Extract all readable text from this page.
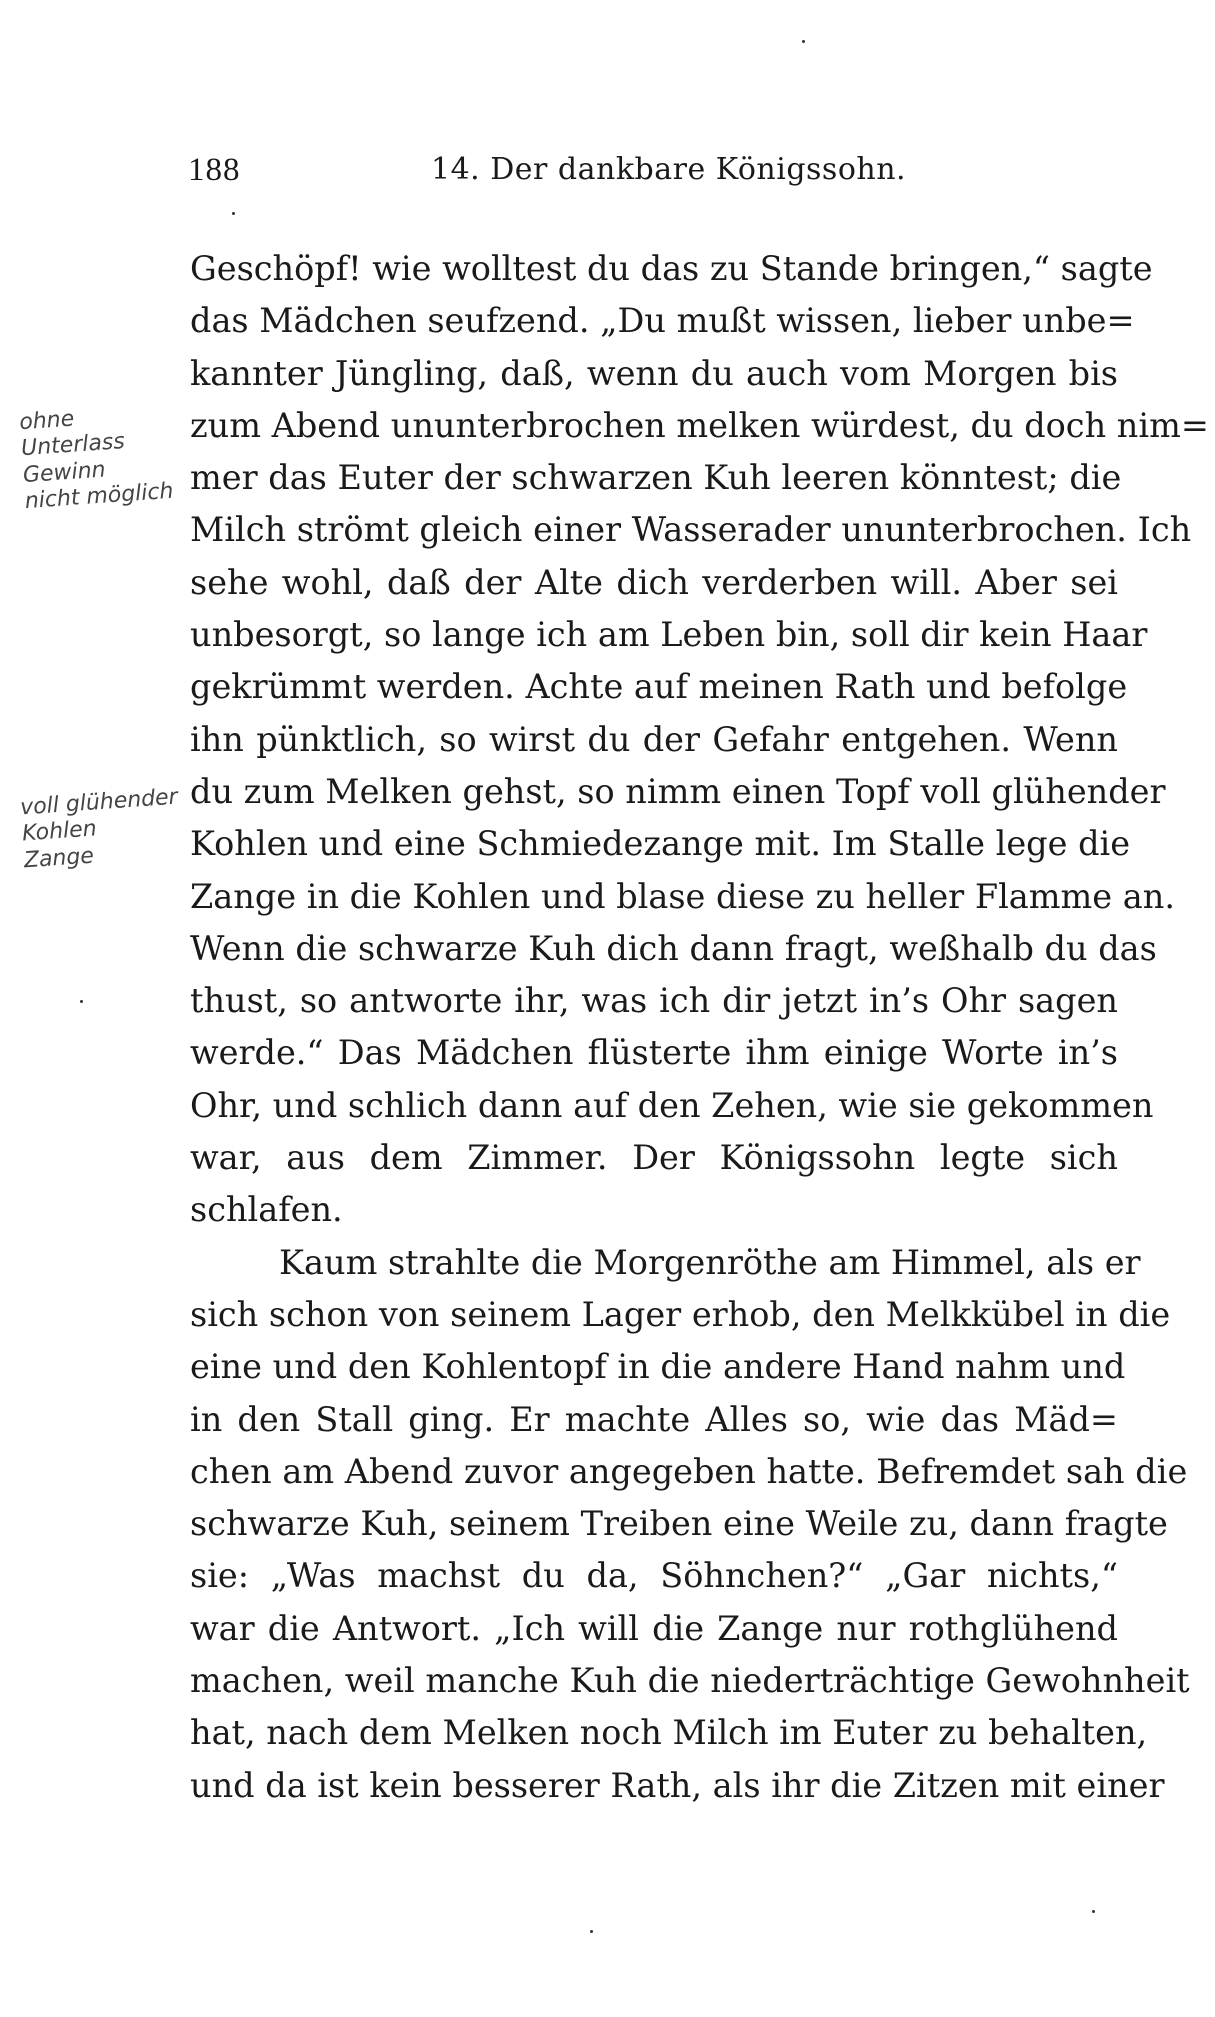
188	14. Der dankbare Königssohn.
Geschöpf! wie wolltest du das zu Stande bringen,“ sagte
das Mädchen seufzend. „Du mußt wissen, lieber unbe=
kannter Jüngling, daß, wenn du auch vom Morgen bis
zum Abend ununterbrochen melken würdest, du doch nim=
mer das Euter der schwarzen Kuh leeren könntest; die
Milch strömt gleich einer Wasserader ununterbrochen. Ich
sehe wohl, daß der Alte dich verderben will. Aber sei
unbesorgt, so lange ich am Leben bin, soll dir kein Haar
gekrümmt werden. Achte auf meinen Rath und befolge
ihn pünktlich, so wirst du der Gefahr entgehen. Wenn
du zum Melken gehst, so nimm einen Topf voll glühender
Kohlen und eine Schmiedezange mit. Im Stalle lege die
Zange in die Kohlen und blase diese zu heller Flamme an.
Wenn die schwarze Kuh dich dann fragt, weßhalb du das
thust, so antworte ihr, was ich dir jetzt in’s Ohr sagen
werde.“ Das Mädchen flüsterte ihm einige Worte in’s
Ohr, und schlich dann auf den Zehen, wie sie gekommen
war, aus dem Zimmer. Der Königssohn legte sich
schlafen.
Kaum strahlte die Morgenröthe am Himmel, als er
sich schon von seinem Lager erhob, den Melkkübel in die
eine und den Kohlentopf in die andere Hand nahm und
in den Stall ging. Er machte Alles so, wie das Mäd=
chen am Abend zuvor angegeben hatte. Befremdet sah die
schwarze Kuh, seinem Treiben eine Weile zu, dann fragte
sie: „Was machst du da, Söhnchen?“ „Gar nichts,“
war die Antwort. „Ich will die Zange nur rothglühend
machen, weil manche Kuh die niederträchtige Gewohnheit
hat, nach dem Melken noch Milch im Euter zu behalten,
und da ist kein besserer Rath, als ihr die Zitzen mit einer
ohne
Unterlass
Gewinn
nicht möglich
voll glühender
Kohlen
Zange
